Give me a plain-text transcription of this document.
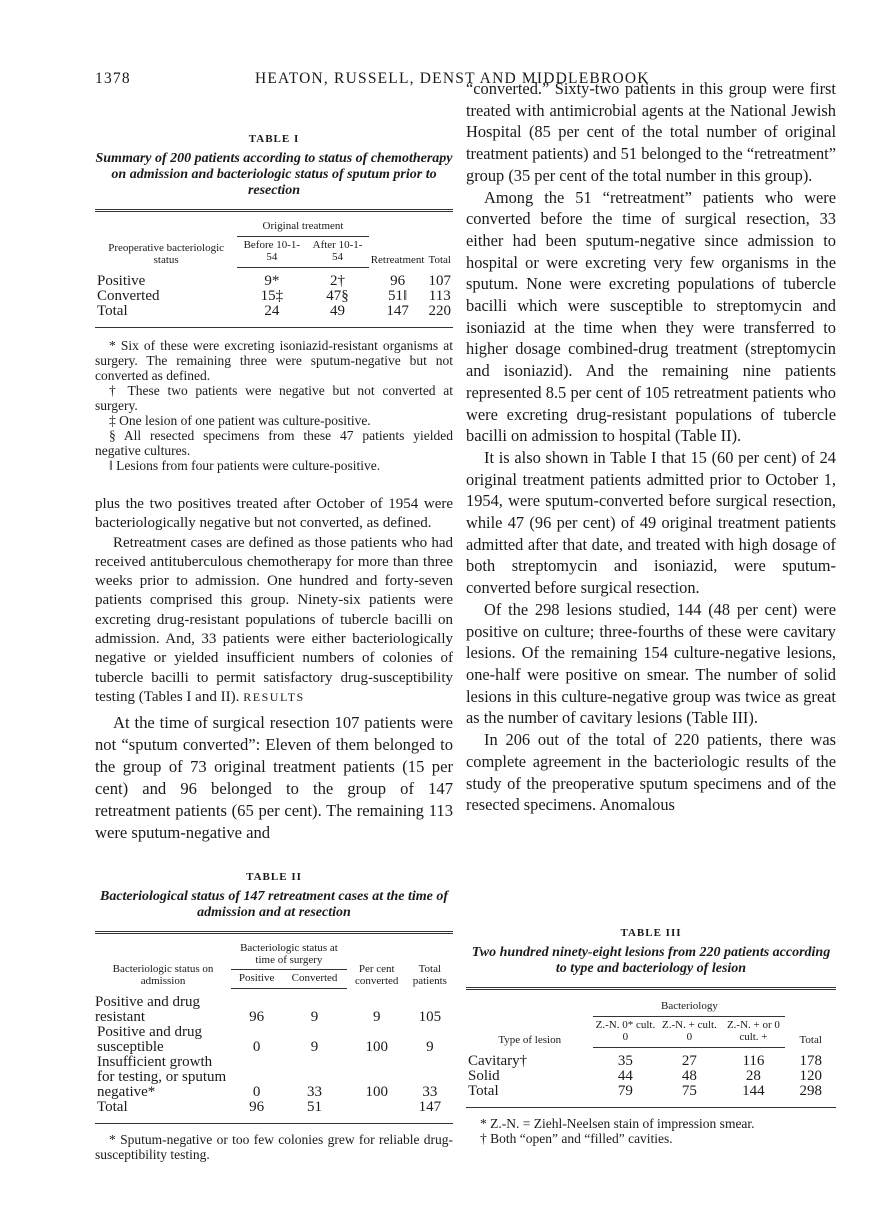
1378	HEATON, RUSSELL, DENST AND MIDDLEBROOK
TABLE I
Summary of 200 patients according to status of chemotherapy on admission and bacteriologic status of sputum prior to resection
Preoperative bacteriologic status	Original treatment		Retreatment	Total
	Before 10-1-54	After 10-1-54		
Positive	9*	2†	96	107
Converted	15‡	47§	51‖	113
Total	24	49	147	220

* Six of these were excreting isoniazid-resistant organisms at surgery. The remaining three were sputum-negative but not converted as defined.

† These two patients were negative but not converted at surgery.

‡ One lesion of one patient was culture-positive.

§ All resected specimens from these 47 patients yielded negative cultures.

‖ Lesions from four patients were culture-positive.

plus the two positives treated after October of 1954 were bacteriologically negative but not converted, as defined.

Retreatment cases are defined as those patients who had received antituberculous chemotherapy for more than three weeks prior to admission. One hundred and forty-seven patients comprised this group. Ninety-six patients were excreting drug-resistant populations of tubercle bacilli on admission. And, 33 patients were either bacteriologically negative or yielded insufficient numbers of colonies of tubercle bacilli to permit satisfactory drug-susceptibility testing (Tables I and II). RESULTS

At the time of surgical resection 107 patients were not “sputum converted”: Eleven of them belonged to the group of 73 original treatment patients (15 per cent) and 96 belonged to the group of 147 retreatment patients (65 per cent). The remaining 113 were sputum-negative and

TABLE II
Bacteriological status of 147 retreatment cases at the time of admission and at resection
Bacteriologic status on admission	Bacteriologic status at time of surgery		Per cent converted	Total patients
	Positive	Converted		
Positive and drug resistant	96	9	9	105
Positive and drug susceptible	0	9	100	9
Insufficient growth for testing, or sputum negative*	0	33	100	33
Total	96	51		147

* Sputum-negative or too few colonies grew for reliable drug-susceptibility testing.

“converted.” Sixty-two patients in this group were first treated with antimicrobial agents at the National Jewish Hospital (85 per cent of the total number of original treatment patients) and 51 belonged to the “retreatment” group (35 per cent of the total number in this group).

Among the 51 “retreatment” patients who were converted before the time of surgical resection, 33 either had been sputum-negative since admission to hospital or were excreting very few organisms in the sputum. None were excreting populations of tubercle bacilli which were susceptible to streptomycin and isoniazid at the time when they were transferred to higher dosage combined-drug treatment (streptomycin and isoniazid). And the remaining nine patients represented 8.5 per cent of 105 retreatment patients who were excreting drug-resistant populations of tubercle bacilli on admission to hospital (Table II).

It is also shown in Table I that 15 (60 per cent) of 24 original treatment patients admitted prior to October 1, 1954, were sputum-converted before surgical resection, while 47 (96 per cent) of 49 original treatment patients admitted after that date, and treated with high dosage of both streptomycin and isoniazid, were sputum-converted before surgical resection.

Of the 298 lesions studied, 144 (48 per cent) were positive on culture; three-fourths of these were cavitary lesions. Of the remaining 154 culture-negative lesions, one-half were positive on smear. The number of solid lesions in this culture-negative group was twice as great as the number of cavitary lesions (Table III).

In 206 out of the total of 220 patients, there was complete agreement in the bacteriologic results of the study of the preoperative sputum specimens and of the resected specimens. Anomalous

TABLE III
Two hundred ninety-eight lesions from 220 patients according to type and bacteriology of lesion
Type of lesion	Bacteriology			Total
	Z.-N. 0* cult. 0	Z.-N. + cult. 0	Z.-N. + or 0 cult. +	
Cavitary†	35	27	116	178
Solid	44	48	28	120
Total	79	75	144	298

* Z.-N. = Ziehl-Neelsen stain of impression smear.

† Both “open” and “filled” cavities.
